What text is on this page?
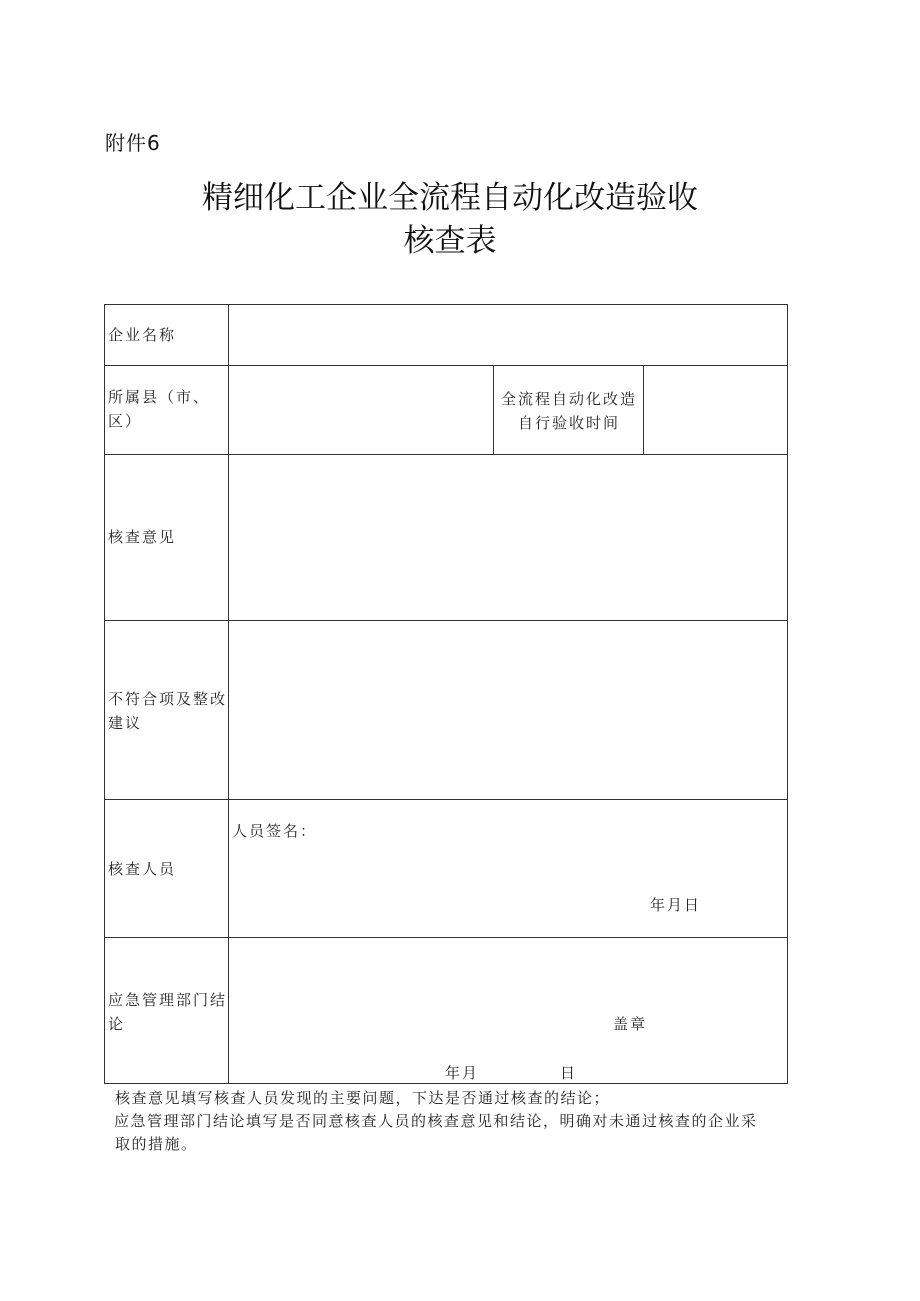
附件6
精细化工企业全流程自动化改造验收
核查表
企业名称
所属县（市、
区）
全流程自动化改造
自行验收时间
核查意见
不符合项及整改
建议
核查人员
人员签名：
年月日
应急管理部门结
论	盖章
年月	日
核查意见填写核查人员发现的主要问题，下达是否通过核查的结论；
应急管理部门结论填写是否同意核查人员的核查意见和结论，明确对未通过核查的企业采
取的措施。
